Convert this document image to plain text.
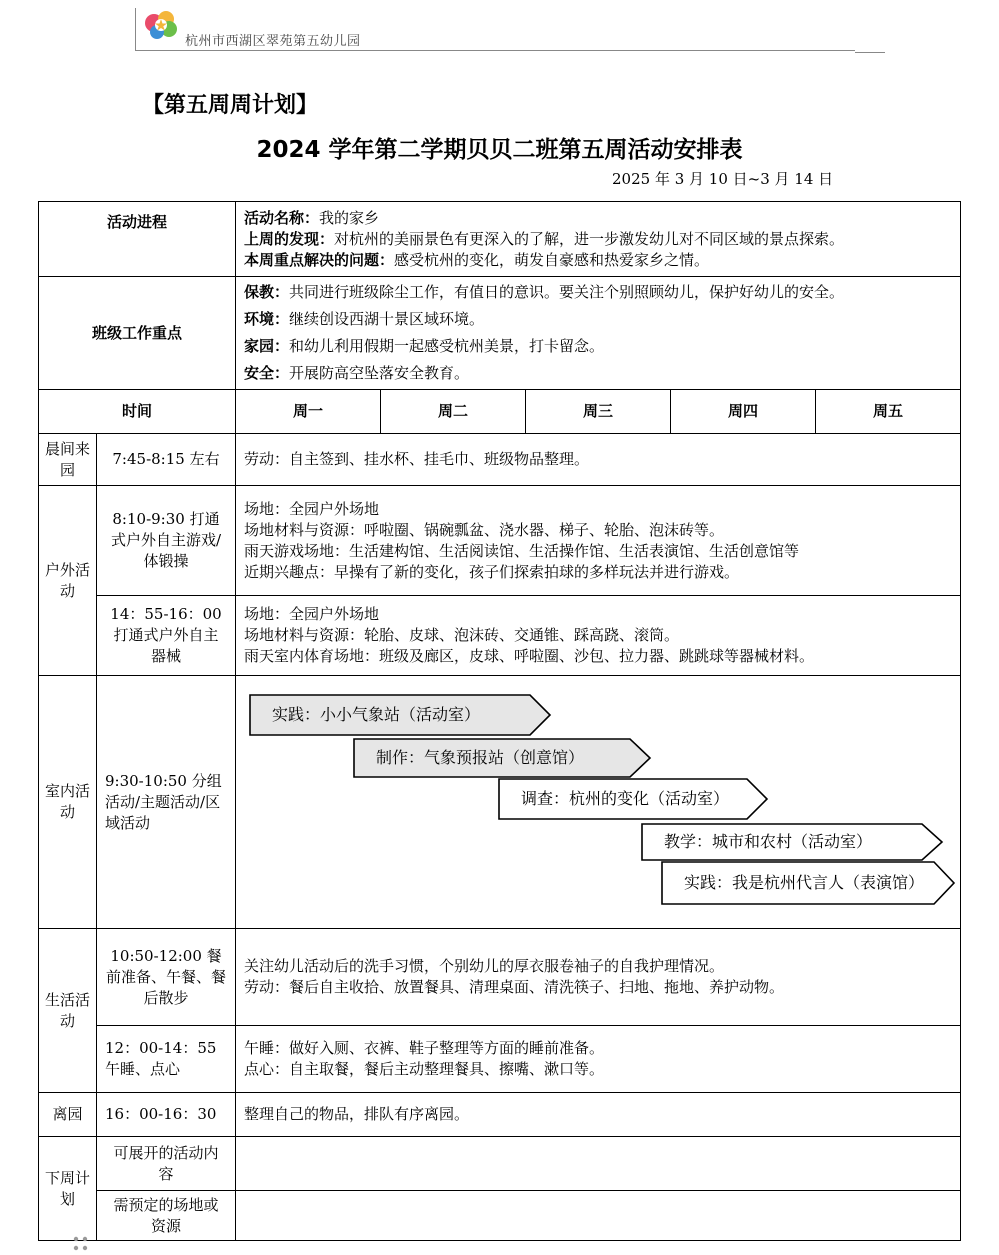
杭州市西湖区翠苑第五幼儿园
【第五周周计划】
2024 学年第二学期贝贝二班第五周活动安排表
2025 年 3 月 10 日~3 月 14 日
活动进程		活动名称：我的家乡
上周的发现：对杭州的美丽景色有更深入的了解，进一步激发幼儿对不同区域的景点探索。
本周重点解决的问题：感受杭州的变化，萌发自豪感和热爱家乡之情。				

班级工作重点		保教：共同进行班级除尘工作，有值日的意识。要关注个别照顾幼儿，保护好幼儿的安全。
环境：继续创设西湖十景区域环境。
家园：和幼儿利用假期一起感受杭州美景，打卡留念。
安全：开展防高空坠落安全教育。				

时间		周一	周二	周三	周四	周五
晨间来园	7:45-8:15 左右	劳动：自主签到、挂水杯、挂毛巾、班级物品整理。				
户外活动	8:10-9:30 打通式户外自主游戏/体锻操	场地：全园户外场地
场地材料与资源：呼啦圈、锅碗瓢盆、浇水器、梯子、轮胎、泡沫砖等。
雨天游戏场地：生活建构馆、生活阅读馆、生活操作馆、生活表演馆、生活创意馆等
近期兴趣点：早操有了新的变化，孩子们探索拍球的多样玩法并进行游戏。				

	14：55-16：00 打通式户外自主器械	场地：全园户外场地
场地材料与资源：轮胎、皮球、泡沫砖、交通锥、踩高跷、滚筒。
雨天室内体育场地：班级及廊区，皮球、呼啦圈、沙包、拉力器、跳跳球等器械材料。				

室内活动	9:30-10:50 分组活动/主题活动/区域活动	实践：小小气象站（活动室）
制作：气象预报站（创意馆）
调查：杭州的变化（活动室）
教学：城市和农村（活动室）
实践：我是杭州代言人（表演馆）				

生活活动	10:50-12:00 餐前准备、午餐、餐后散步	关注幼儿活动后的洗手习惯，个别幼儿的厚衣服卷袖子的自我护理情况。
劳动：餐后自主收拾、放置餐具、清理桌面、清洗筷子、扫地、拖地、养护动物。				

	12：00-14：55 午睡、点心	午睡：做好入厕、衣裤、鞋子整理等方面的睡前准备。
点心：自主取餐，餐后主动整理餐具、擦嘴、漱口等。				

离园	16：00-16：30	整理自己的物品，排队有序离园。				
下周计划	可展开的活动内容					
	需预定的场地或资源					
